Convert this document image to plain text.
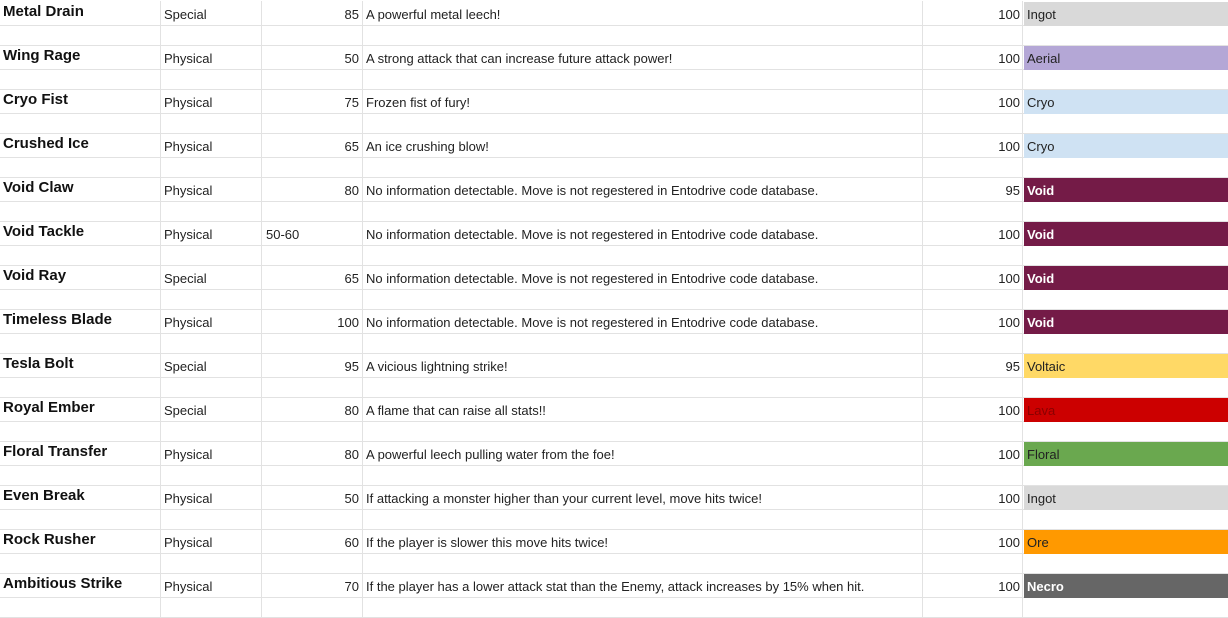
Metal Drain	Special	85 A powerful metal leech!	100 Ingot
Wing Rage	Physical	50 A strong attack that can increase future attack power!	100 Aerial
Cryo Fist	Physical	75 Frozen fist of fury!	100 Cryo
Crushed Ice	Physical	65 An ice crushing blow!	100 Cryo
Void Claw	Physical	80 No information detectable. Move is not regestered in Entodrive code database.	95 Void
Void Tackle	Physical	50-60	No information detectable. Move is not regestered in Entodrive code database.	100 Void
Void Ray	Special	65 No information detectable. Move is not regestered in Entodrive code database.	100 Void
Timeless Blade	Physical	100 No information detectable. Move is not regestered in Entodrive code database.	100 Void
Tesla Bolt	Special	95 A vicious lightning strike!	95 Voltaic
Royal Ember	Special	80 A flame that can raise all stats!!	100 Lava
Floral Transfer	Physical	80 A powerful leech pulling water from the foe!	100 Floral
Even Break	Physical	50 If attacking a monster higher than your current level, move hits twice!	100 Ingot
Rock Rusher	Physical	60 If the player is slower this move hits twice!	100 Ore
Ambitious Strike	Physical	70 If the player has a lower attack stat than the Enemy, attack increases by 15% when hit.	100 Necro
